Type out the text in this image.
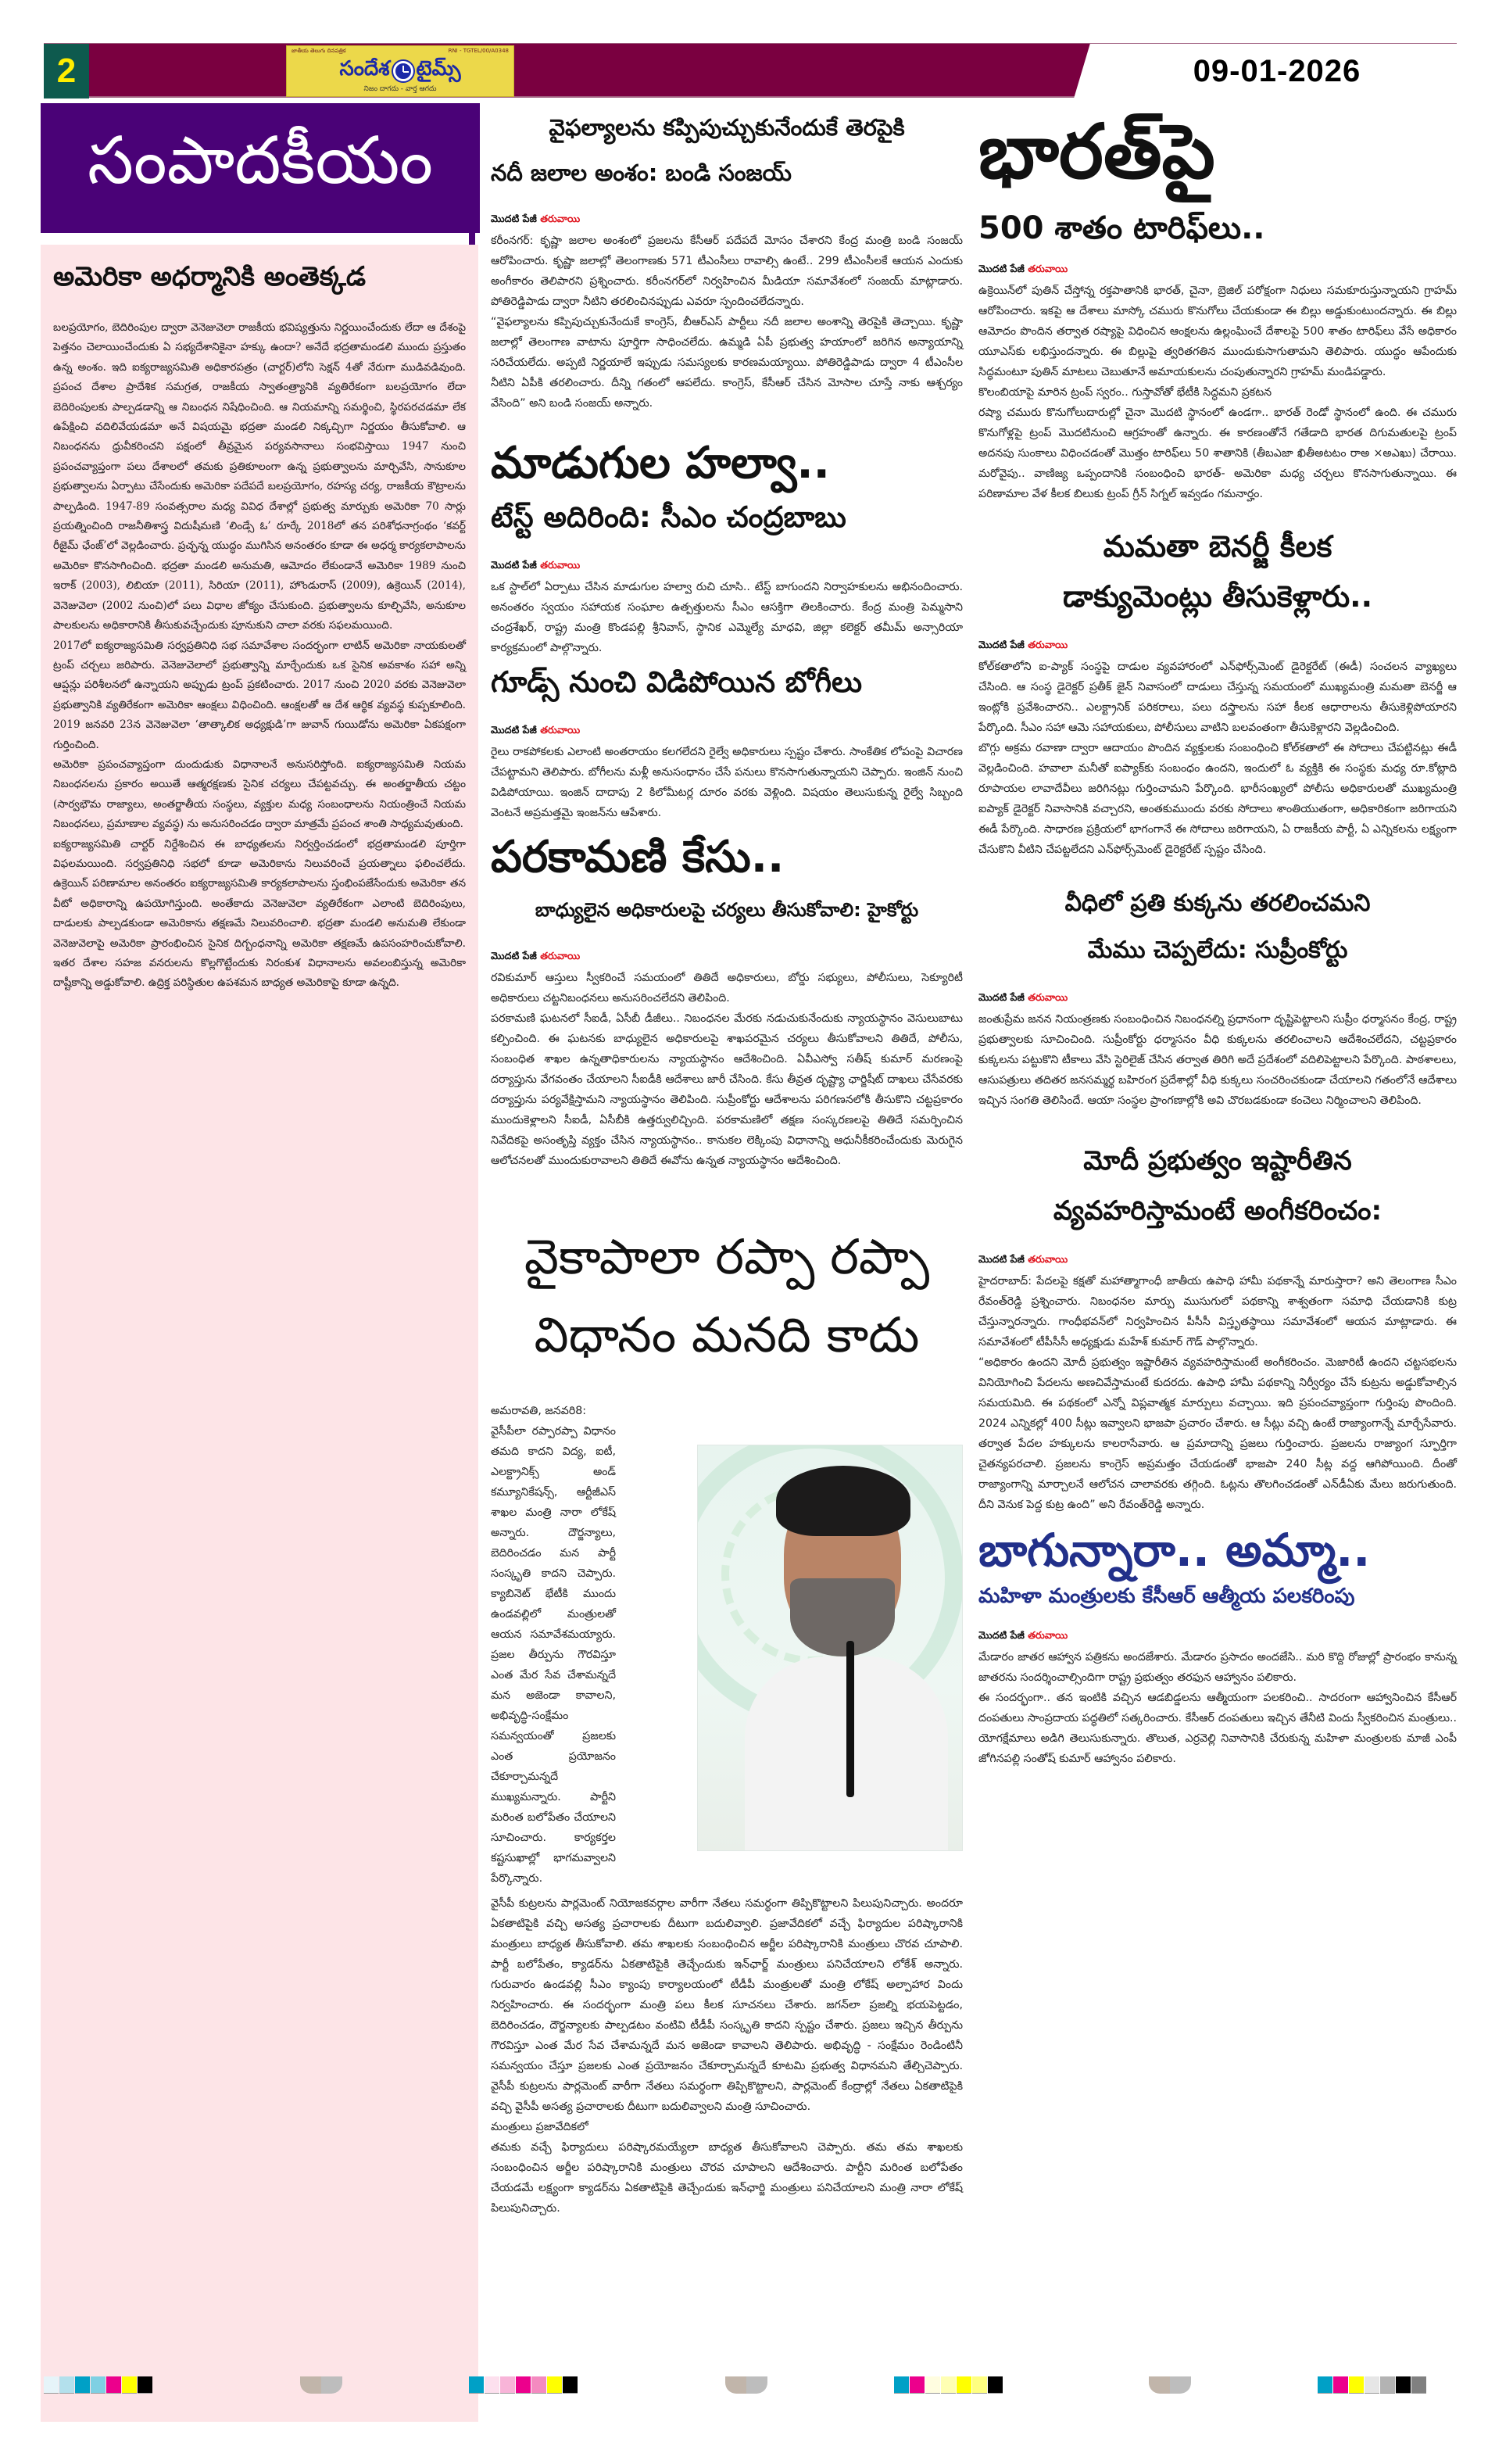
2
జాతీయ తెలుగు దినపత్రిక	RNI - TGTEL/00/A0348
సందేశ టైమ్స్
నిజం దాగదు - వార్త ఆగదు
09-01-2026
సంపాదకీయం
అమెరికా అధర్మానికి అంతెక్కడ

బలప్రయోగం, బెదిరింపుల ద్వారా వెనెజువెలా రాజకీయ భవిష్యత్తును నిర్ణయించేందుకు లేదా ఆ దేశంపై పెత్తనం చెలాయించేందుకు ఏ సభ్యదేశానికైనా హక్కు ఉందా? అనేదే భద్రతామండలి ముందు ప్రస్తుతం ఉన్న అంశం. ఇది ఐక్యరాజ్యసమితి అధికారపత్రం (చార్టర్)లోని సెక్షన్ 4తో నేరుగా ముడివడివుంది. ప్రపంచ దేశాల ప్రాదేశిక సమగ్రత, రాజకీయ స్వాతంత్ర్యానికి వ్యతిరేకంగా బలప్రయోగం లేదా బెదిరింపులకు పాల్పడడాన్ని ఆ నిబంధన నిషేధించింది. ఆ నియమాన్ని సమర్థించి, స్థిరపరచడమా లేక ఉపేక్షించి వదిలివేయడమా అనే విషయమై భద్రతా మండలి నిక్కచ్చిగా నిర్ణయం తీసుకోవాలి. ఆ నిబంధనను ధ్రువీకరించని పక్షంలో తీవ్రమైన పర్యవసానాలు సంభవిస్తాయి 1947 నుంచి ప్రపంచవ్యాప్తంగా పలు దేశాలలో తమకు ప్రతికూలంగా ఉన్న ప్రభుత్వాలను మార్చివేసి, సానుకూల ప్రభుత్వాలను ఏర్పాటు చేసేందుకు అమెరికా పదేపదే బలప్రయోగం, రహస్య చర్య, రాజకీయ కౌట్రాలను పాల్పడింది. 1947-89 సంవత్సరాల మధ్య వివిధ దేశాల్లో ప్రభుత్వ మార్పుకు అమెరికా 70 సార్లు ప్రయత్నించింది రాజనీతిశాస్త్ర విదుషీమణి ‘లిండ్సే ఓ’ రూర్కే 2018లో తన పరిశోధనాగ్రంథం ‘కవర్ట్ రీజైమ్ ఛేంజ్’లో వెల్లడించారు. ప్రచ్ఛన్న యుద్ధం ముగిసిన అనంతరం కూడా ఈ అధర్మ కార్యకలాపాలను అమెరికా కొనసాగించింది. భద్రతా మండలి అనుమతి, ఆమోదం లేకుండానే అమెరికా 1989 నుంచి ఇరాక్ (2003), లిబియా (2011), సిరియా (2011), హొండురాస్ (2009), ఉక్రెయిన్ (2014), వెనెజువెలా (2002 నుంచి)లో పలు విధాల జోక్యం చేసుకుంది. ప్రభుత్వాలను కూల్చివేసి, అనుకూల పాలకులను అధికారానికి తీసుకువచ్చేందుకు పూనుకుని చాలా వరకు సఫలమయింది.

2017లో ఐక్యరాజ్యసమితి సర్వప్రతినిధి సభ సమావేశాల సందర్భంగా లాటిన్ అమెరికా నాయకులతో ట్రంప్ చర్చలు జరిపారు. వెనెజువెలాలో ప్రభుత్వాన్ని మార్చేందుకు ఒక సైనిక అవకాశం సహా అన్ని ఆప్షన్లు పరిశీలనలో ఉన్నాయని అప్పుడు ట్రంప్ ప్రకటించారు. 2017 నుంచి 2020 వరకు వెనెజువెలా ప్రభుత్వానికి వ్యతిరేకంగా అమెరికా ఆంక్షలు విధించింది. ఆంక్షలతో ఆ దేశ ఆర్థిక వ్యవస్థ కుప్పకూలింది. 2019 జనవరి 23న వెనెజువెలా ‘తాత్కాలిక అధ్యక్షుడి’గా జువాన్ గుయిడోను అమెరికా ఏకపక్షంగా గుర్తించింది.

అమెరికా ప్రపంచవ్యాప్తంగా దుందుడుకు విధానాలనే అనుసరిస్తోంది. ఐక్యరాజ్యసమితి నియమ నిబంధనలను ప్రకారం అయితే ఆత్మరక్షణకు సైనిక చర్యలు చేపట్టవచ్చు. ఈ అంతర్జాతీయ చట్టం (సార్వభౌమ రాజ్యాలు, అంతర్జాతీయ సంస్థలు, వ్యక్తుల మధ్య సంబంధాలను నియంత్రించే నియమ నిబంధనలు, ప్రమాణాల వ్యవస్థ) ను అనుసరించడం ద్వారా మాత్రమే ప్రపంచ శాంతి సాధ్యమవుతుంది.

ఐక్యరాజ్యసమితి చార్టర్ నిర్దేశించిన ఈ బాధ్యతలను నిర్వర్తించడంలో భద్రతామండలి పూర్తిగా విఫలమయింది. సర్వప్రతినిధి సభలో కూడా అమెరికాను నిలువరించే ప్రయత్నాలు ఫలించలేదు. ఉక్రెయిన్ పరిణామాల అనంతరం ఐక్యరాజ్యసమితి కార్యకలాపాలను స్తంభింపజేసేందుకు అమెరికా తన వీటో అధికారాన్ని ఉపయోగిస్తుంది. అంతేకాదు వెనెజువెలా వ్యతిరేకంగా ఎలాంటి బెదిరింపులు, దాడులకు పాల్పడకుండా అమెరికాను తక్షణమే నిలువరించాలి. భద్రతా మండలి అనుమతి లేకుండా వెనెజువెలాపై అమెరికా ప్రారంభించిన సైనిక దిగ్బంధనాన్ని అమెరికా తక్షణమే ఉపసంహరించుకోవాలి. ఇతర దేశాల సహజ వనరులను కొల్లగొట్టేందుకు నిరంకుశ విధానాలను అవలంబిస్తున్న అమెరికా దాష్టీకాన్ని అడ్డుకోవాలి. ఉద్రిక్త పరిస్థితుల ఉపశమన బాధ్యత అమెరికాపై కూడా ఉన్నది.

వైఫల్యాలను కప్పిపుచ్చుకునేందుకే తెరపైకి
నదీ జలాల అంశం: బండి సంజయ్
మొదటి పేజీ తరువాయి

కరీంనగర్: కృష్ణా జలాల అంశంలో ప్రజలను కేసీఆర్ పదేపదే మోసం చేశారని కేంద్ర మంత్రి బండి సంజయ్ ఆరోపించారు. కృష్ణా జలాల్లో తెలంగాణకు 571 టీఎంసీలు రావాల్సి ఉంటే.. 299 టీఎంసీలకే ఆయన ఎందుకు అంగీకారం తెలిపారని ప్రశ్నించారు. కరీంనగర్‌లో నిర్వహించిన మీడియా సమావేశంలో సంజయ్ మాట్లాడారు. పోతిరెడ్డిపాడు ద్వారా నీటిని తరలించినప్పుడు ఎవరూ స్పందించలేదన్నారు.

“వైఫల్యాలను కప్పిపుచ్చుకునేందుకే కాంగ్రెస్, బీఆర్ఎస్ పార్టీలు నదీ జలాల అంశాన్ని తెరపైకి తెచ్చాయి. కృష్ణా జలాల్లో తెలంగాణ వాటాను పూర్తిగా సాధించలేదు. ఉమ్మడి ఏపీ ప్రభుత్వ హయాంలో జరిగిన అన్యాయాన్ని సరిచేయలేదు. అప్పటి నిర్ణయాలే ఇప్పుడు సమస్యలకు కారణమయ్యాయి. పోతిరెడ్డిపాడు ద్వారా 4 టీఎంసీల నీటిని ఏపీకి తరలించారు. దీన్ని గతంలో ఆపలేదు. కాంగ్రెస్, కేసీఆర్ చేసిన మోసాల చూస్తే నాకు ఆశ్చర్యం వేసింది” అని బండి సంజయ్ అన్నారు.

మాడుగుల హల్వా..
టేస్ట్ అదిరింది: సీఎం చంద్రబాబు
మొదటి పేజీ తరువాయి

ఒక స్టాల్‌లో ఏర్పాటు చేసిన మాడుగుల హల్వా రుచి చూసి.. టేస్ట్ బాగుందని నిర్వాహకులను అభినందించారు. అనంతరం స్వయం సహాయక సంఘాల ఉత్పత్తులను సీఎం ఆసక్తిగా తిలకించారు. కేంద్ర మంత్రి పెమ్మసాని చంద్రశేఖర్, రాష్ట్ర మంత్రి కొండపల్లి శ్రీనివాస్, స్థానిక ఎమ్మెల్యే మాధవి, జిల్లా కలెక్టర్ తమీమ్ అన్సారియా కార్యక్రమంలో పాల్గొన్నారు.

గూడ్స్ నుంచి విడిపోయిన బోగీలు
మొదటి పేజీ తరువాయి

రైలు రాకపోకలకు ఎలాంటి అంతరాయం కలగలేదని రైల్వే అధికారులు స్పష్టం చేశారు. సాంకేతిక లోపంపై విచారణ చేపట్టామని తెలిపారు. బోగీలను మళ్లీ అనుసంధానం చేసే పనులు కొనసాగుతున్నాయని చెప్పారు. ఇంజిన్ నుంచి విడిపోయాయి. ఇంజిన్ దాదాపు 2 కిలోమీటర్ల దూరం వరకు వెళ్లింది. విషయం తెలుసుకున్న రైల్వే సిబ్బంది వెంటనే అప్రమత్తమై ఇంజన్‌ను ఆపేశారు.

పరకామణి కేసు..
బాధ్యులైన అధికారులపై చర్యలు తీసుకోవాలి: హైకోర్టు
మొదటి పేజీ తరువాయి

రవికుమార్ ఆస్తులు స్వీకరించే సమయంలో తితిదే అధికారులు, బోర్డు సభ్యులు, పోలీసులు, సెక్యూరిటీ అధికారులు చట్టనిబంధనలు అనుసరించలేదని తెలిపింది.

పరకామణి ఘటనలో సీఐడీ, ఏసీబీ డీజీలు.. నిబంధనల మేరకు నడుచుకునేందుకు న్యాయస్థానం వెసులుబాటు కల్పించింది. ఈ ఘటనకు బాధ్యులైన అధికారులపై శాఖపరమైన చర్యలు తీసుకోవాలని తితిదే, పోలీసు, సంబంధిత శాఖల ఉన్నతాధికారులను న్యాయస్థానం ఆదేశించింది. ఏవీఎస్వో సతీష్ కుమార్ మరణంపై దర్యాప్తును వేగవంతం చేయాలని సీఐడీకి ఆదేశాలు జారీ చేసింది. కేసు తీవ్రత దృష్ట్యా ఛార్జిషీట్ దాఖలు చేసేవరకు దర్యాప్తును పర్యవేక్షిస్తామని న్యాయస్థానం తెలిపింది. సుప్రీంకోర్టు ఆదేశాలను పరిగణనలోకి తీసుకొని చట్టప్రకారం ముందుకెళ్లాలని సీఐడీ, ఏసీబీకి ఉత్తర్వులిచ్చింది. పరకామణిలో తక్షణ సంస్కరణలపై తితిదే సమర్పించిన నివేదికపై అసంతృప్తి వ్యక్తం చేసిన న్యాయస్థానం.. కానుకల లెక్కింపు విధానాన్ని ఆధునీకీకరించేందుకు మెరుగైన ఆలోచనలతో ముందుకురావాలని తితిదే ఈవోను ఉన్నత న్యాయస్థానం ఆదేశించింది.

వైకాపాలా రప్పా రప్పా
విధానం మనది కాదు

అమరావతి, జనవరి8:

వైసీపీలా రప్పారప్పా విధానం తమది కాదని విద్య, ఐటీ, ఎలక్ట్రానిక్స్ అండ్ కమ్యూనికేషన్స్, ఆర్టీజీఎస్ శాఖల మంత్రి నారా లోకేష్ అన్నారు. దౌర్జన్యాలు, బెదిరించడం మన పార్టీ సంస్కృతి కాదని చెప్పారు. క్యాబినెట్ భేటీకి ముందు ఉండవల్లిలో మంత్రులతో ఆయన సమావేశమయ్యారు. ప్రజల తీర్పును గౌరవిస్తూ ఎంత మేర సేవ చేశామన్నదే మన అజెండా కావాలని, అభివృద్ధి-సంక్షేమం సమన్వయంతో ప్రజలకు ఎంత ప్రయోజనం చేకూర్చామన్నదే ముఖ్యమన్నారు. పార్టీని మరింత బలోపేతం చేయాలని సూచించారు. కార్యకర్తల కష్టసుఖాల్లో భాగమవ్వాలని పేర్కొన్నారు.

వైసీపీ కుట్రలను పార్లమెంట్ నియోజకవర్గాల వారీగా నేతలు సమర్థంగా తిప్పికొట్టాలని పిలుపునిచ్చారు. అందరూ ఏకతాటిపైకి వచ్చి అసత్య ప్రచారాలకు దీటుగా బదులివ్వాలి. ప్రజావేదికలో వచ్చే ఫిర్యాదుల పరిష్కారానికి మంత్రులు బాధ్యత తీసుకోవాలి. తమ శాఖలకు సంబంధించిన అర్జీల పరిష్కారానికి మంత్రులు చొరవ చూపాలి. పార్టీ బలోపేతం, క్యాడర్‌ను ఏకతాటిపైకి తెచ్చేందుకు ఇన్‌ఛార్జ్ మంత్రులు పనిచేయాలని లోకేశ్ అన్నారు. గురువారం ఉండవల్లి సీఎం క్యాంపు కార్యాలయంలో టీడీపీ మంత్రులతో మంత్రి లోకేష్ అల్పాహార విందు నిర్వహించారు. ఈ సందర్భంగా మంత్రి పలు కీలక సూచనలు చేశారు. జగన్‌లా ప్రజల్ని భయపెట్టడం, బెదిరించడం, దౌర్జన్యాలకు పాల్పడటం వంటివి టీడీపీ సంస్కృతి కాదని స్పష్టం చేశారు. ప్రజలు ఇచ్చిన తీర్పును గౌరవిస్తూ ఎంత మేర సేవ చేశామన్నదే మన అజెండా కావాలని తెలిపారు. అభివృద్ధి - సంక్షేమం రెండింటినీ సమన్వయం చేస్తూ ప్రజలకు ఎంత ప్రయోజనం చేకూర్చామన్నదే కూటమి ప్రభుత్వ విధానమని తేల్చిచెప్పారు. వైసీపీ కుట్రలను పార్లమెంట్ వారీగా నేతలు సమర్థంగా తిప్పికొట్టాలని, పార్లమెంట్ కేంద్రాల్లో నేతలు ఏకతాటిపైకి వచ్చి వైసీపీ అసత్య ప్రచారాలకు దీటుగా బదులివ్వాలని మంత్రి సూచించారు.

మంత్రులు ప్రజావేదికలో

తమకు వచ్చే ఫిర్యాదులు పరిష్కారమయ్యేలా బాధ్యత తీసుకోవాలని చెప్పారు. తమ తమ శాఖలకు సంబంధించిన అర్జీల పరిష్కారానికి మంత్రులు చొరవ చూపాలని ఆదేశించారు. పార్టీని మరింత బలోపేతం చేయడమే లక్ష్యంగా క్యాడర్‌ను ఏకతాటిపైకి తెచ్చేందుకు ఇన్‌ఛార్జి మంత్రులు పనిచేయాలని మంత్రి నారా లోకేష్ పిలుపునిచ్చారు.

భారత్‌పై
500 శాతం టారిఫ్‌లు..
మొదటి పేజీ తరువాయి

ఉక్రెయిన్‌లో పుతిన్ చేస్తోన్న రక్తపాతానికి భారత్, చైనా, బ్రెజిల్ పరోక్షంగా నిధులు సమకూరుస్తున్నాయని గ్రాహమ్ ఆరోపించారు. ఇకపై ఆ దేశాలు మాస్కో చమురు కొనుగోలు చేయకుండా ఈ బిల్లు అడ్డుకుంటుందన్నారు. ఈ బిల్లు ఆమోదం పొందిన తర్వాత రష్యాపై విధించిన ఆంక్షలను ఉల్లంఘించే దేశాలపై 500 శాతం టారిఫ్‌లు వేసే అధికారం యూఎస్‌కు లభిస్తుందన్నారు. ఈ బిల్లుపై త్వరితగతిన ముందుకుసాగుతామని తెలిపారు. యుద్ధం ఆపేందుకు సిద్ధమంటూ పుతిన్ మాటలు చెబుతూనే అమాయకులను చంపుతున్నారని గ్రాహమ్ మండిపడ్డారు.

కొలంబియాపై మారిన ట్రంప్ స్వరం.. గుస్తావోతో భేటీకి సిద్ధమని ప్రకటన

రష్యా చమురు కొనుగోలుదారుల్లో చైనా మొదటి స్థానంలో ఉండగా.. భారత్ రెండో స్థానంలో ఉంది. ఈ చమురు కొనుగోళ్లపై ట్రంప్ మొదటినుంచి ఆగ్రహంతో ఉన్నారు. ఈ కారణంతోనే గతేడాది భారత దిగుమతులపై ట్రంప్ అదనపు సుంకాలు విధించడంతో మొత్తం టారిఫ్‌లు 50 శాతానికి (తీబఎజా ఖితీఅటటం రాఅ ×అఎఖు) చేరాయి. మరోవైపు.. వాణిజ్య ఒప్పందానికి సంబంధించి భారత్‌- అమెరికా మధ్య చర్చలు కొనసాగుతున్నాయి. ఈ పరిణామాల వేళ కీలక బిలుకు ట్రంప్ గ్రీన్ సిగ్నల్ ఇవ్వడం గమనార్హం.

మమతా బెనర్జీ కీలక
డాక్యుమెంట్లు తీసుకెళ్లారు..
మొదటి పేజీ తరువాయి

కోల్‌కతాలోని ఐ-ప్యాక్ సంస్థపై దాడుల వ్యవహారంలో ఎన్‌ఫోర్స్‌మెంట్ డైరెక్టరేట్ (ఈడీ) సంచలన వ్యాఖ్యలు చేసింది. ఆ సంస్థ డైరెక్టర్ ప్రతీక్ జైన్ నివాసంలో దాడులు చేస్తున్న సమయంలో ముఖ్యమంత్రి మమతా బెనర్జీ ఆ ఇంట్లోకి ప్రవేశించారని.. ఎలక్ట్రానిక్ పరికరాలు, పలు దస్త్రాలను సహా కీలక ఆధారాలను తీసుకెళ్లిపోయారని పేర్కొంది. సీఎం సహా ఆమె సహాయకులు, పోలీసులు వాటిని బలవంతంగా తీసుకెళ్లారని వెల్లడించింది.

బొగ్గు అక్రమ రవాణా ద్వారా ఆదాయం పొందిన వ్యక్తులకు సంబంధించి కోల్‌కతాలో ఈ సోదాలు చేపట్టినట్లు ఈడీ వెల్లడించింది. హవాలా మనీతో ఐప్యాక్‌కు సంబంధం ఉందని, ఇందులో ఓ వ్యక్తికి ఈ సంస్థకు మధ్య రూ.కోట్లాది రూపాయల లావాదేవీలు జరిగినట్లు గుర్తించామని పేర్కొంది. భారీసంఖ్యలో పోలీసు అధికారులతో ముఖ్యమంత్రి ఐప్యాక్ డైరెక్టర్ నివాసానికి వచ్చారని, అంతకుముందు వరకు సోదాలు శాంతియుతంగా, అధికారికంగా జరిగాయని ఈడీ పేర్కొంది. సాధారణ ప్రక్రియలో భాగంగానే ఈ సోదాలు జరిగాయని, ఏ రాజకీయ పార్టీ, ఏ ఎన్నికలను లక్ష్యంగా చేసుకొని వీటిని చేపట్టలేదని ఎన్‌ఫోర్స్‌మెంట్ డైరెక్టరేట్ స్పష్టం చేసింది.

వీధిలో ప్రతి కుక్కను తరలించమని
మేము చెప్పలేదు: సుప్రీంకోర్టు
మొదటి పేజీ తరువాయి

జంతుప్రేమ జనన నియంత్రణకు సంబంధించిన నిబంధనల్ని ప్రధానంగా దృష్టిపెట్టాలని సుప్రీం ధర్మాసనం కేంద్ర, రాష్ట్ర ప్రభుత్వాలకు సూచించింది. సుప్రీంకోర్టు ధర్మాసనం వీధి కుక్కలను తరలించాలని ఆదేశించలేదని, చట్టప్రకారం కుక్కలను పట్టుకొని టీకాలు వేసి స్టెరిలైజ్ చేసిన తర్వాత తిరిగి అదే ప్రదేశంలో వదిలిపెట్టాలని పేర్కొంది. పాఠశాలలు, ఆసుపత్రులు తదితర జనసమ్మర్థ బహిరంగ ప్రదేశాల్లో వీధి కుక్కలు సంచరించకుండా చేయాలని గతంలోనే ఆదేశాలు ఇచ్చిన సంగతి తెలిసిందే. ఆయా సంస్థల ప్రాంగణాల్లోకి అవి చొరబడకుండా కంచెలు నిర్మించాలని తెలిపింది.

మోదీ ప్రభుత్వం ఇష్టారీతిన
వ్యవహరిస్తామంటే అంగీకరించం:
మొదటి పేజీ తరువాయి

హైదరాబాద్: పేదలపై కక్షతో మహాత్మాగాంధీ జాతీయ ఉపాధి హామీ పథకాన్నే మారుస్తారా? అని తెలంగాణ సీఎం రేవంత్‌రెడ్డి ప్రశ్నించారు. నిబంధనల మార్పు ముసుగులో పథకాన్ని శాశ్వతంగా సమాధి చేయడానికి కుట్ర చేస్తున్నారన్నారు. గాంధీభవన్‌లో నిర్వహించిన పీసీసీ విస్తృతస్థాయి సమావేశంలో ఆయన మాట్లాడారు. ఈ సమావేశంలో టీపీసీసీ అధ్యక్షుడు మహేశ్ కుమార్ గౌడ్ పాల్గొన్నారు.

“అధికారం ఉందని మోదీ ప్రభుత్వం ఇష్టారీతిన వ్యవహరిస్తామంటే అంగీకరించం. మెజారిటీ ఉందని చట్టసభలను వినియోగించి పేదలను అణచివేస్తామంటే కుదరదు. ఉపాధి హామీ పథకాన్ని నిర్వీర్యం చేసే కుట్రను అడ్డుకోవాల్సిన సమయమిది. ఈ పథకంలో ఎన్నో విప్లవాత్మక మార్పులు వచ్చాయి. ఇది ప్రపంచవ్యాప్తంగా గుర్తింపు పొందింది. 2024 ఎన్నికల్లో 400 సీట్లు ఇవ్వాలని భాజపా ప్రచారం చేశారు. ఆ సీట్లు వచ్చి ఉంటే రాజ్యాంగాన్నే మార్చేసేవారు. తర్వాత పేదల హక్కులను కాలరాసేవారు. ఆ ప్రమాదాన్ని ప్రజలు గుర్తించారు. ప్రజలను రాజ్యాంగ స్ఫూర్తిగా చైతన్యపరచాలి. ప్రజలను కాంగ్రెస్ అప్రమత్తం చేయడంతో భాజపా 240 సీట్ల వద్ద ఆగిపోయింది. దీంతో రాజ్యాంగాన్ని మార్చాలనే ఆలోచన చాలావరకు తగ్గింది. ఓట్లను తొలగించడంతో ఎన్‌డీఏకు మేలు జరుగుతుంది. దీని వెనుక పెద్ద కుట్ర ఉంది” అని రేవంత్‌రెడ్డి అన్నారు.

బాగున్నారా.. అమ్మా..
మహిళా మంత్రులకు కేసీఆర్ ఆత్మీయ పలకరింపు
మొదటి పేజీ తరువాయి

మేడారం జాతర ఆహ్వాన పత్రికను అందజేశారు. మేడారం ప్రసాదం అందజేసి.. మరి కొద్ది రోజుల్లో ప్రారంభం కానున్న జాతరను సందర్శించాల్సిందిగా రాష్ట్ర ప్రభుత్వం తరఫున ఆహ్వానం పలికారు.

ఈ సందర్భంగా.. తన ఇంటికి వచ్చిన ఆడబిడ్డలను ఆత్మీయంగా పలకరించి.. సాదరంగా ఆహ్వానించిన కేసీఆర్ దంపతులు సాంప్రదాయ పద్ధతిలో సత్కరించారు. కేసీఆర్ దంపతులు ఇచ్చిన తేనీటి విందు స్వీకరించిన మంత్రులు.. యోగక్షేమాలు అడిగి తెలుసుకున్నారు. తొలుత, ఎర్రవెల్లి నివాసానికి చేరుకున్న మహిళా మంత్రులకు మాజీ ఎంపీ జోగినపల్లి సంతోష్ కుమార్ ఆహ్వానం పలికారు.
